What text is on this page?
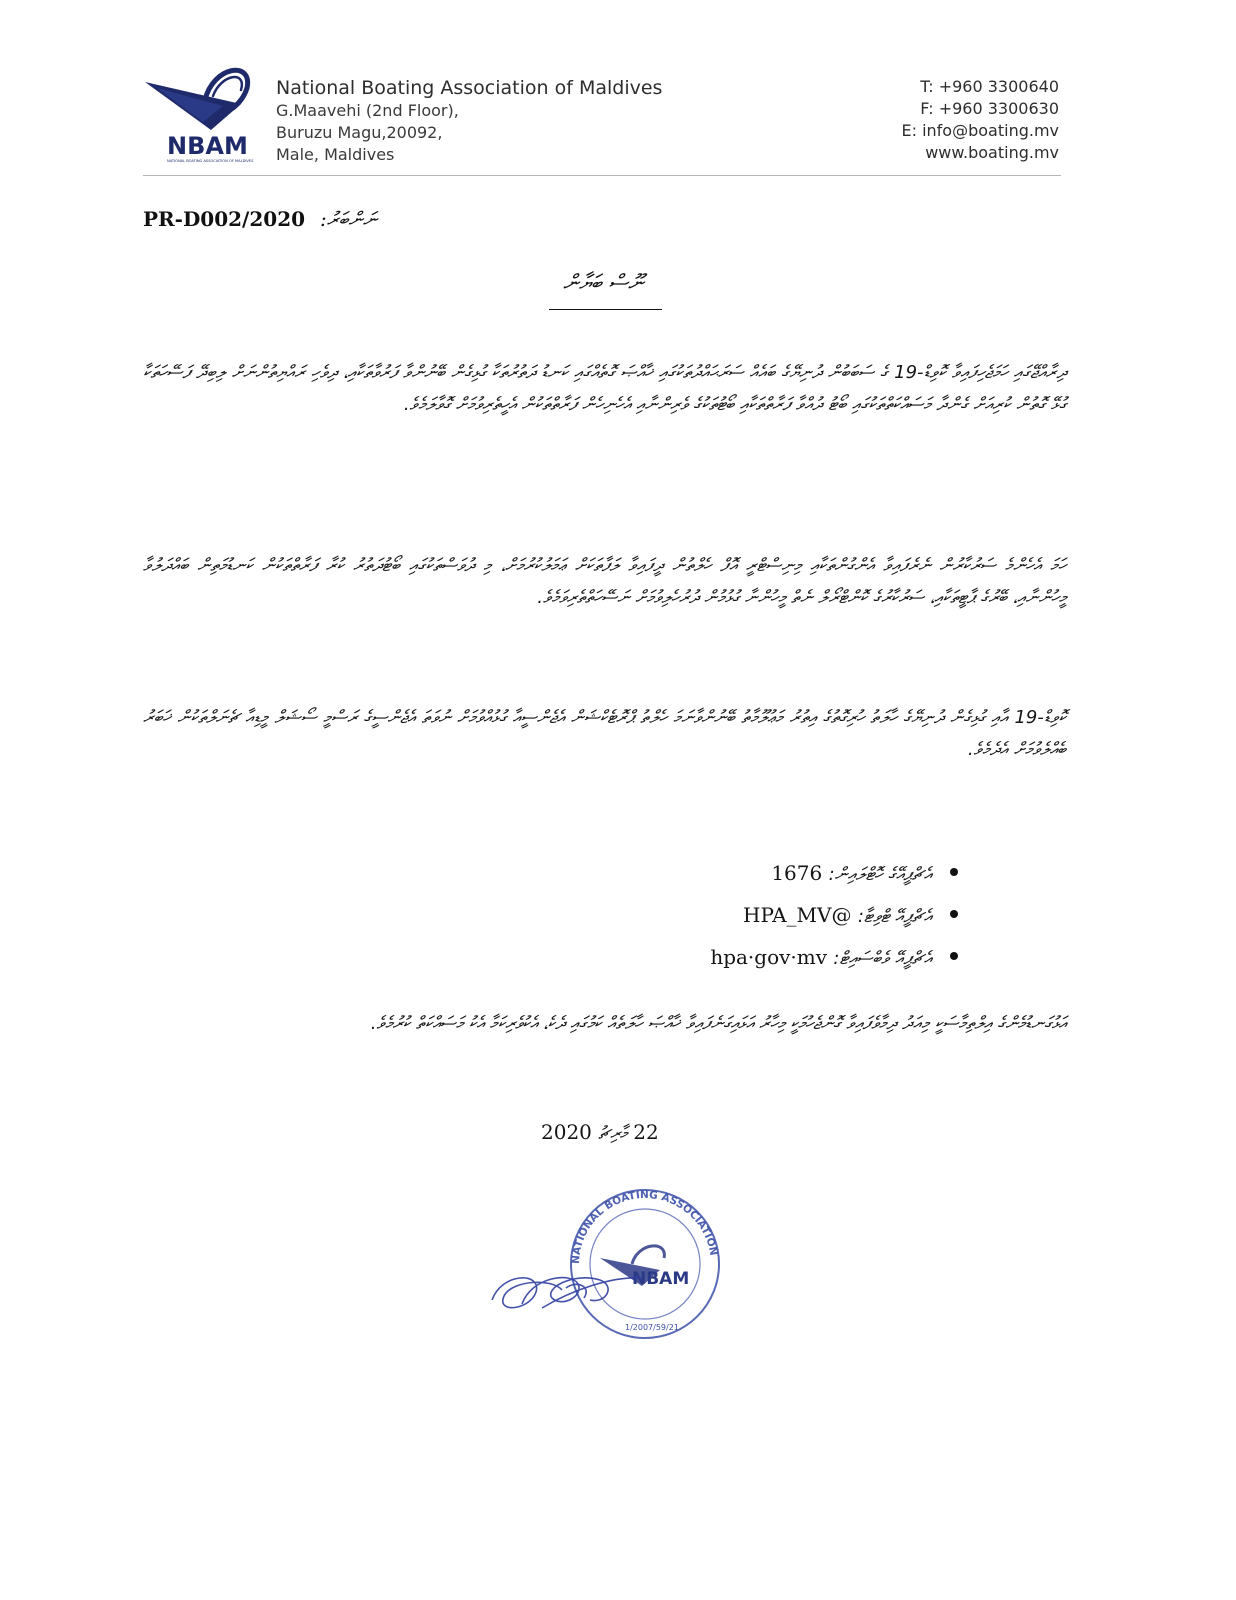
NBAM
NATIONAL BOATING ASSOCIATION OF MALDIVES
National Boating Association of Maldives
G.Maavehi (2nd Floor),
Buruzu Magu,20092,
Male, Maldives
T: +960 3300640
F: +960 3300630
E: info@boating.mv
www.boating.mv
PR-D002/2020 ނަންބަރު:
ނޫސް ބަޔާން
ދިރާއްޖޭގައި ހަމަޖެހިފައިވާ ކޮވިޑް-19 ގެ ސަބަބުން ދުނިޔޭގެ ބައެއް ސަރަޙައްދުތަކުގައި ޚާއްޞަ ގޮތެއްގައި ކަނޑު ދަތުރުތަކާ ގުޅިގެން ބޭނުންވާ ފަރުވާތަކާއި، ދިވެހި ރައްޔިތުންނަށް ލިބިދޭ ފަސޭހަތަކާ ގުޅޭ ގޮތުން ކުރިއަށް ގެންދާ މަސައްކަތްތަކުގައި ބޯޓު ދުއްވާ ފަރާތްތަކާއި ބޯޓުތަކުގެ ވެރިންނާއި އެހެނިހެން ފަރާތްތަކުން އެހީތެރިވުމަށް ގޮވާލަމެވެ.
ހަމަ އެހެންމެ ސަރުކާރުން ނެރެފައިވާ އެންގުންތަކާއި މިނިސްޓްރީ އޮފް ހެލްތުން ދީފައިވާ ލަފާތަކަށް ޢަމަލުކުރުމަށް، މި ދުވަސްތަކުގައި ބޯޓުދަތުރު ކުރާ ފަރާތްތަކުން ކަނޑުމަތިން ބައްދަލުވާ މީހުންނާއި، ބޭރުގެ ޕާޓީތަކާއި، ސަރުކާރުގެ ކޮންޓްރޯލް ނެތް މީހުންނާ ގުޅުމުން ދުރުހެލިވުމަށް ނަސޭހަތްތެރިވަމެވެ.
ކޮވިޑް-19 އާއި ގުޅިގެން ދުނިޔޭގެ ހާލަތު ހުރިގޮތުގެ އިތުރު މަޢުލޫމާތު ބޭނުންވާނަމަ ހެލްތު ޕްރޮޓެކްޝަން އެޖެންސީއާ ގުޅުއްވުމަށް ނުވަތަ އެޖެންސީގެ ރަސްމީ ސޯޝަލް މީޑިއާ ޗެނަލްތަކުން ޚަބަރު ބެއްލެވުމަށް އެދެމެވެ.
އެޗްޕީއޭގެ ހޮޓްލައިން: 1676
އެޗްޕީއޭ ޓްވިޓާ: @HPA_MV
އެޗްޕީއޭ ވެބްސައިޓް: hpa·gov·mv
އަޅުގަނޑުމެންގެ އިލްތިމާސަކީ މިއަދު ދިމާވެފައިވާ ގޮންޖެހުމަކީ މިހާރު އަޅައިގަނެފައިވާ ޚާއްޞަ ހާލަތެއް ކަމުގައި ދެކެ، އެކުވެރިކަމާ އެކު މަސައްކަތް ކުރުމެވެ.
22 މާރިޗު 2020
NATIONAL BOATING ASSOCIATION
NBAM
1/2007/59/21
